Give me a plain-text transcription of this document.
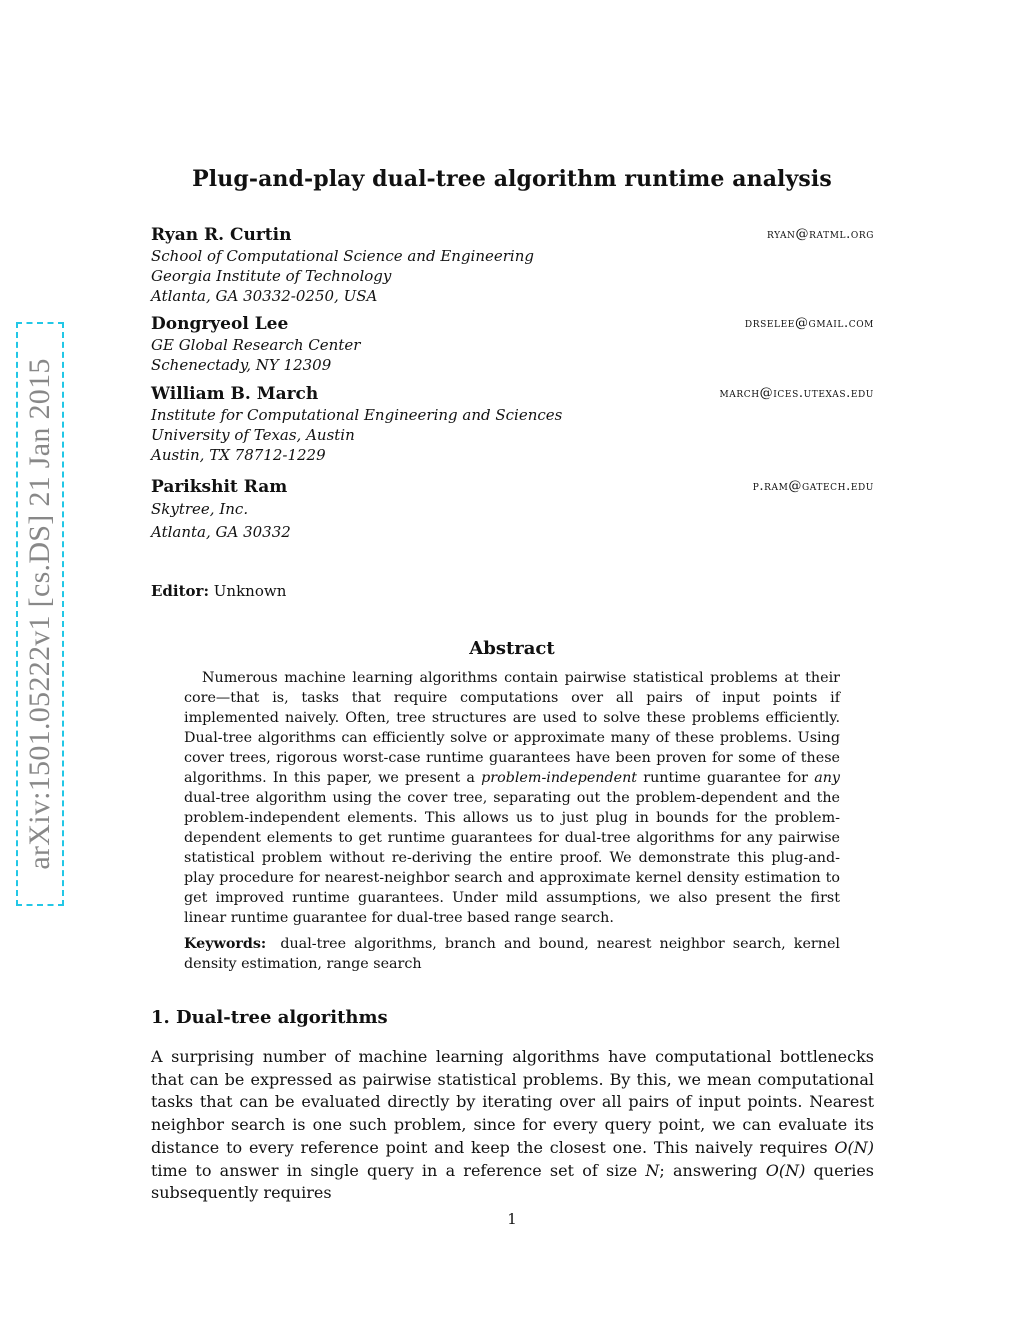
arXiv:1501.05222v1 [cs.DS] 21 Jan 2015
Plug-and-play dual-tree algorithm runtime analysis
Ryan R. Curtin	ryan@ratml.org
School of Computational Science and Engineering
Georgia Institute of Technology
Atlanta, GA 30332-0250, USA
Dongryeol Lee	drselee@gmail.com
GE Global Research Center
Schenectady, NY 12309
William B. March	march@ices.utexas.edu
Institute for Computational Engineering and Sciences
University of Texas, Austin
Austin, TX 78712-1229
Parikshit Ram	p.ram@gatech.edu
Skytree, Inc.
Atlanta, GA 30332
Editor: Unknown
Abstract
Numerous machine learning algorithms contain pairwise statistical problems at their core—that is, tasks that require computations over all pairs of input points if implemented naively. Often, tree structures are used to solve these problems efficiently. Dual-tree algorithms can efficiently solve or approximate many of these problems. Using cover trees, rigorous worst-case runtime guarantees have been proven for some of these algorithms. In this paper, we present a problem-independent runtime guarantee for any dual-tree algorithm using the cover tree, separating out the problem-dependent and the problem-independent elements. This allows us to just plug in bounds for the problem-dependent elements to get runtime guarantees for dual-tree algorithms for any pairwise statistical problem without re-deriving the entire proof. We demonstrate this plug-and-play procedure for nearest-neighbor search and approximate kernel density estimation to get improved runtime guarantees. Under mild assumptions, we also present the first linear runtime guarantee for dual-tree based range search.
Keywords: dual-tree algorithms, branch and bound, nearest neighbor search, kernel density estimation, range search
1. Dual-tree algorithms
A surprising number of machine learning algorithms have computational bottlenecks that can be expressed as pairwise statistical problems. By this, we mean computational tasks that can be evaluated directly by iterating over all pairs of input points. Nearest neighbor search is one such problem, since for every query point, we can evaluate its distance to every reference point and keep the closest one. This naively requires O(N) time to answer in single query in a reference set of size N; answering O(N) queries subsequently requires
1
